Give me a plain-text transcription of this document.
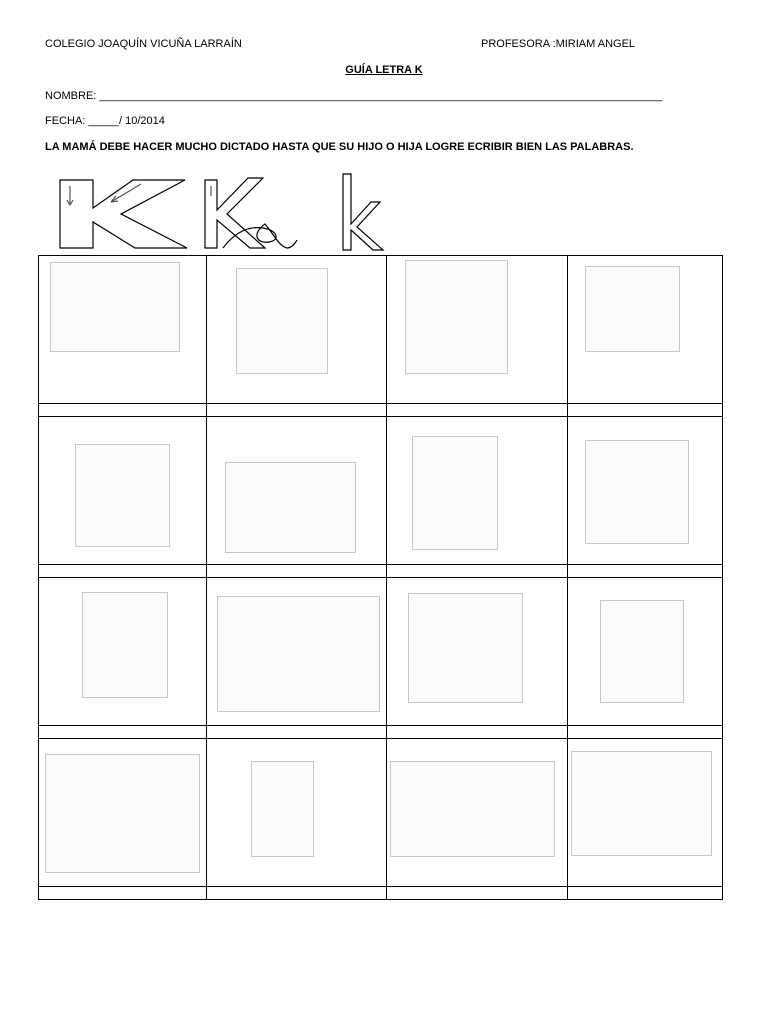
COLEGIO JOAQUÍN VICUÑA LARRAÍN	PROFESORA :MIRIAM ANGEL
GUÍA LETRA K
NOMBRE: ____________________________________________________________________________________________
FECHA: _____/ 10/2014
LA MAMÁ DEBE HACER MUCHO DICTADO HASTA QUE SU HIJO O HIJA LOGRE ECRIBIR BIEN LAS PALABRAS.
